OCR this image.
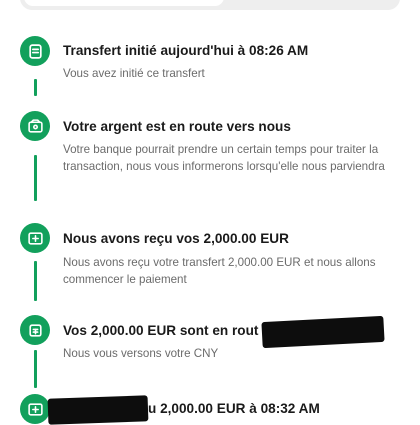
Transfert initié aujourd'hui à 08:26 AM
Vous avez initié ce transfert
Votre argent est en route vers nous
Votre banque pourrait prendre un certain temps pour traiter la transaction, nous vous informerons lorsqu'elle nous parviendra
Nous avons reçu vos 2,000.00 EUR
Nous avons reçu votre transfert 2,000.00 EUR et nous allons commencer le paiement
Vos 2,000.00 EUR sont en rout
Nous vous versons votre CNY
u 2,000.00 EUR à 08:32 AM
